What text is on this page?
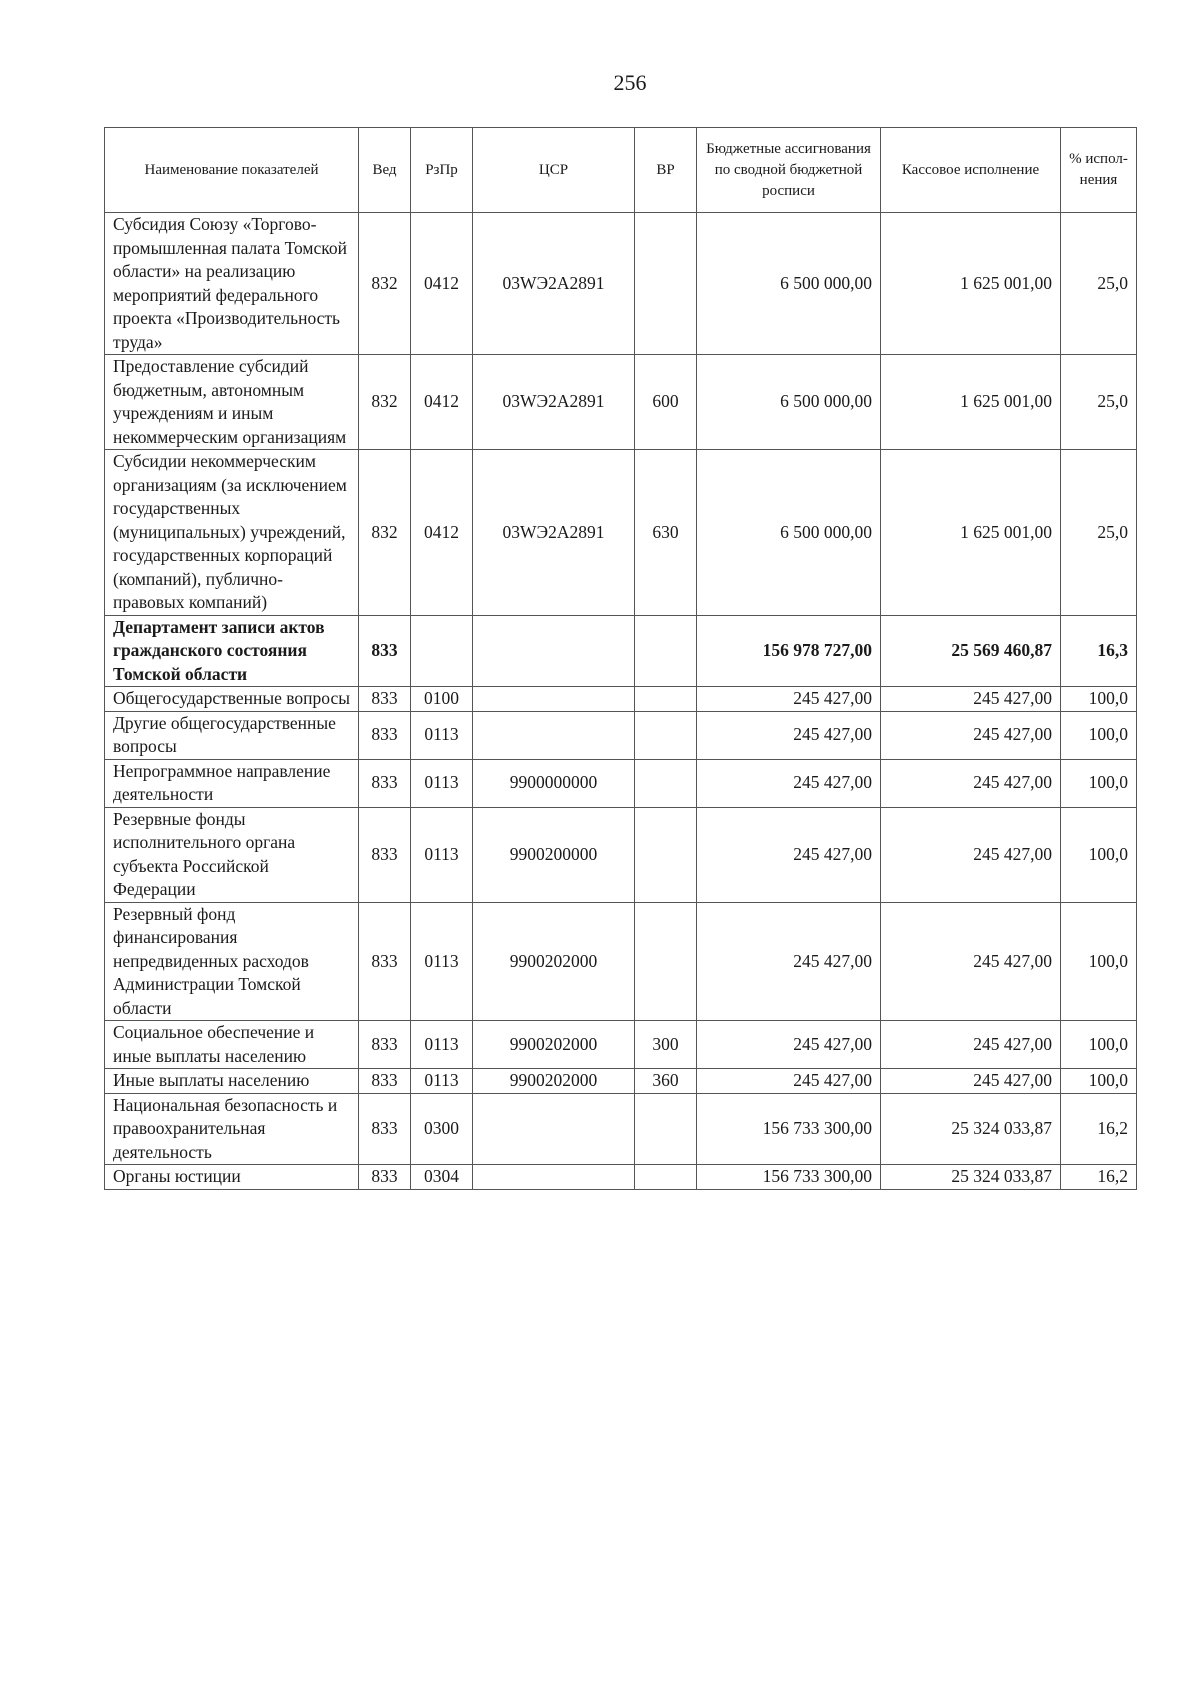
256
Наименование показателей	Вед	РзПр	ЦСР	ВР	Бюджетные ассигнования по сводной бюджетной росписи	Кассовое исполнение	% испол-нения
Субсидия Союзу «Торгово-промышленная палата Томской области» на реализацию мероприятий федерального проекта «Производительность труда»	832	0412	03WЭ2А2891		6 500 000,00	1 625 001,00	25,0
Предоставление субсидий бюджетным, автономным учреждениям и иным некоммерческим организациям	832	0412	03WЭ2А2891	600	6 500 000,00	1 625 001,00	25,0
Субсидии некоммерческим организациям (за исключением государственных (муниципальных) учреждений, государственных корпораций (компаний), публично-правовых компаний)	832	0412	03WЭ2А2891	630	6 500 000,00	1 625 001,00	25,0
Департамент записи актов гражданского состояния Томской области	833				156 978 727,00	25 569 460,87	16,3
Общегосударственные вопросы	833	0100			245 427,00	245 427,00	100,0
Другие общегосударственные вопросы	833	0113			245 427,00	245 427,00	100,0
Непрограммное направление деятельности	833	0113	9900000000		245 427,00	245 427,00	100,0
Резервные фонды исполнительного органа субъекта Российской Федерации	833	0113	9900200000		245 427,00	245 427,00	100,0
Резервный фонд финансирования непредвиденных расходов Администрации Томской области	833	0113	9900202000		245 427,00	245 427,00	100,0
Социальное обеспечение и иные выплаты населению	833	0113	9900202000	300	245 427,00	245 427,00	100,0
Иные выплаты населению	833	0113	9900202000	360	245 427,00	245 427,00	100,0
Национальная безопасность и правоохранительная деятельность	833	0300			156 733 300,00	25 324 033,87	16,2
Органы юстиции	833	0304			156 733 300,00	25 324 033,87	16,2
